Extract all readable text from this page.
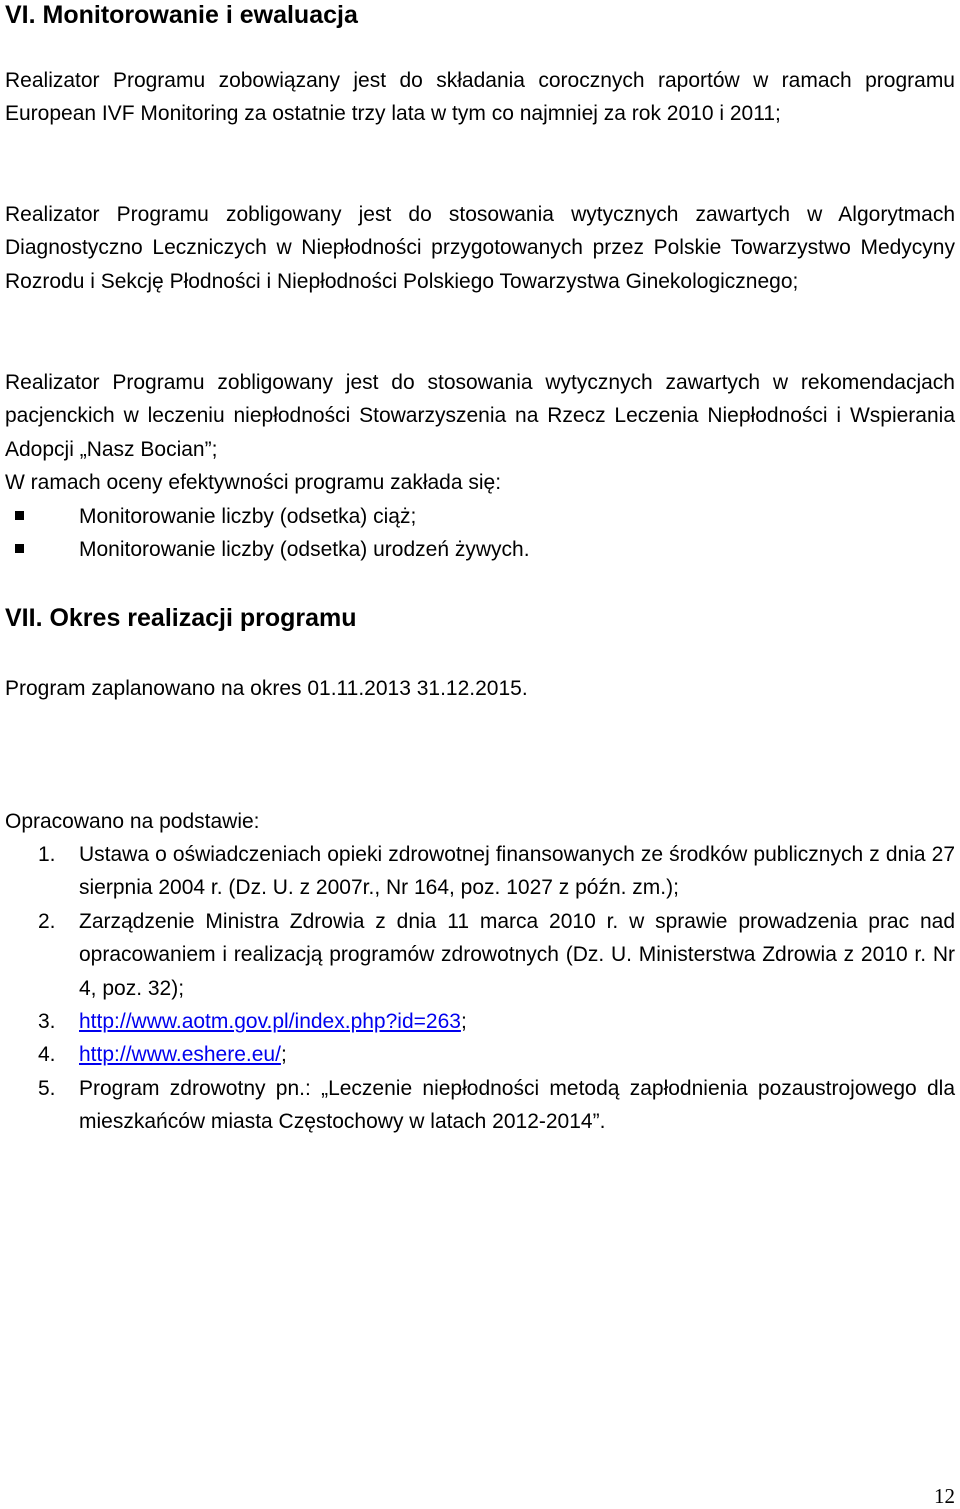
VI. Monitorowanie i ewaluacja

Realizator Programu zobowiązany jest do składania corocznych raportów w ramach programu European IVF Monitoring za ostatnie trzy lata w tym co najmniej za rok 2010 i 2011;

Realizator Programu zobligowany jest do stosowania wytycznych zawartych w Algorytmach Diagnostyczno Leczniczych w Niepłodności przygotowanych przez Polskie Towarzystwo Medycyny Rozrodu i Sekcję Płodności i Niepłodności Polskiego Towarzystwa Ginekologicznego;

Realizator Programu zobligowany jest do stosowania wytycznych zawartych w rekomendacjach pacjenckich w leczeniu niepłodności Stowarzyszenia na Rzecz Leczenia Niepłodności i Wspierania Adopcji „Nasz Bocian”;

W ramach oceny efektywności programu zakłada się:

Monitorowanie liczby (odsetka) ciąż;
Monitorowanie liczby (odsetka) urodzeń żywych.
VII. Okres realizacji programu

Program zaplanowano na okres 01.11.2013 31.12.2015.

Opracowano na podstawie:

1. Ustawa o oświadczeniach opieki zdrowotnej finansowanych ze środków publicznych z dnia 27 sierpnia 2004 r. (Dz. U. z 2007r., Nr 164, poz. 1027 z późn. zm.);
2. Zarządzenie Ministra Zdrowia z dnia 11 marca 2010 r. w sprawie prowadzenia prac nad opracowaniem i realizacją programów zdrowotnych (Dz. U. Ministerstwa Zdrowia z 2010 r. Nr 4, poz. 32);
3. http://www.aotm.gov.pl/index.php?id=263;
4. http://www.eshere.eu/;
5. Program zdrowotny pn.: „Leczenie niepłodności metodą zapłodnienia pozaustrojowego dla mieszkańców miasta Częstochowy w latach 2012-2014”.
12
